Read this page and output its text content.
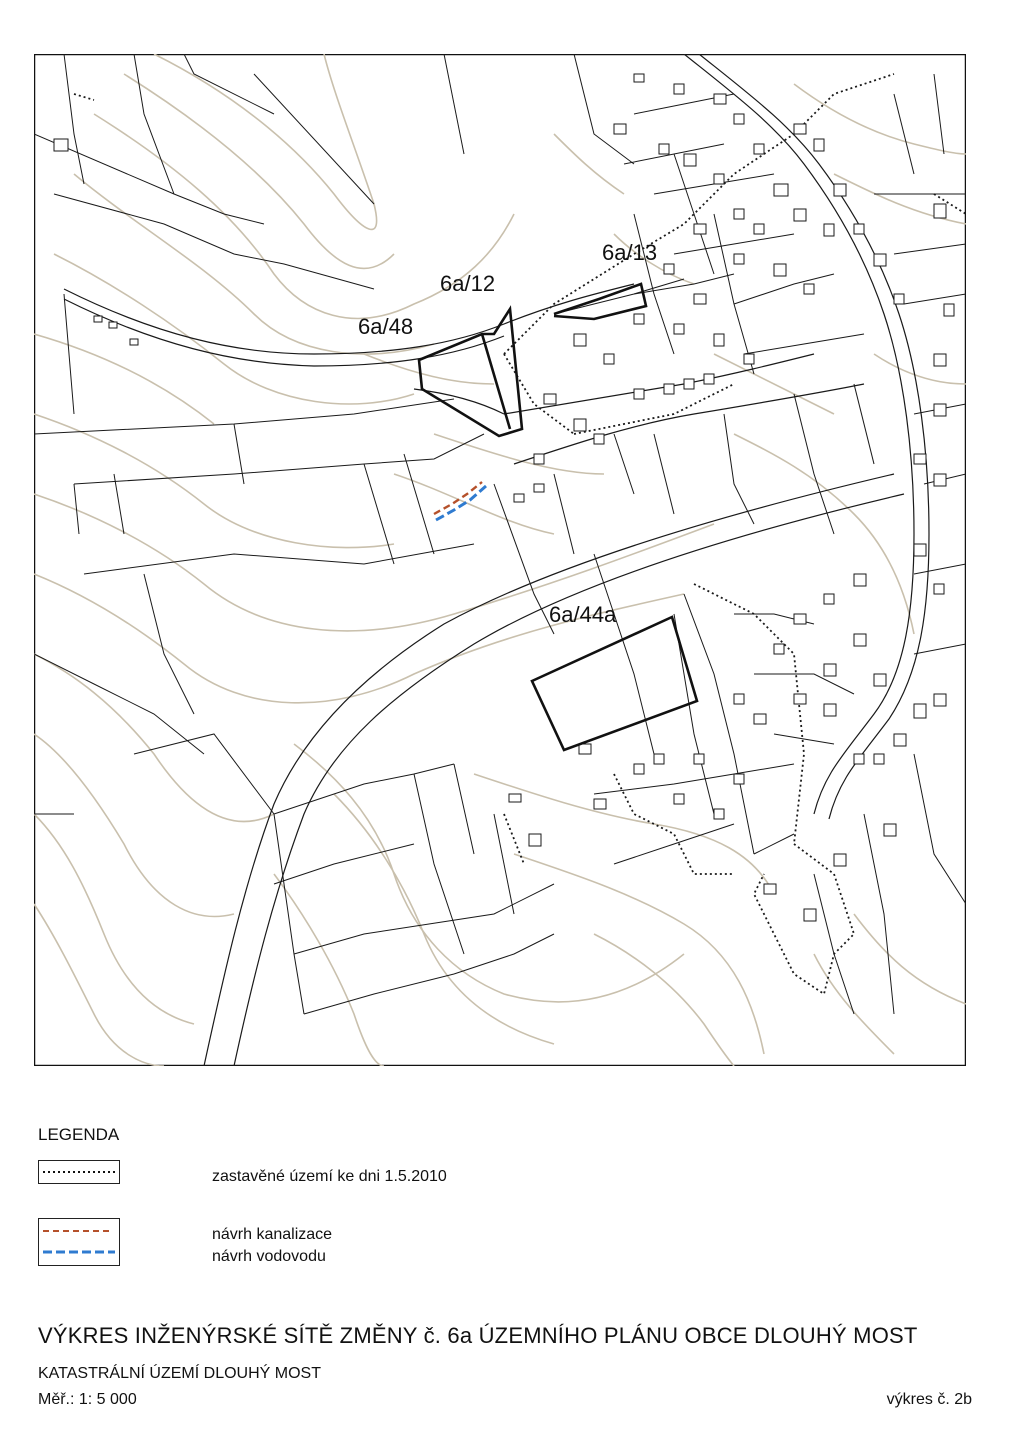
6a/13
6a/12
6a/48
6a/44a
LEGENDA
zastavěné území ke dni 1.5.2010
návrh kanalizace
návrh vodovodu
VÝKRES INŽENÝRSKÉ SÍTĚ ZMĚNY č. 6a ÚZEMNÍHO PLÁNU OBCE DLOUHÝ MOST
KATASTRÁLNÍ ÚZEMÍ DLOUHÝ MOST
Měř.: 1: 5 000	výkres č. 2b
